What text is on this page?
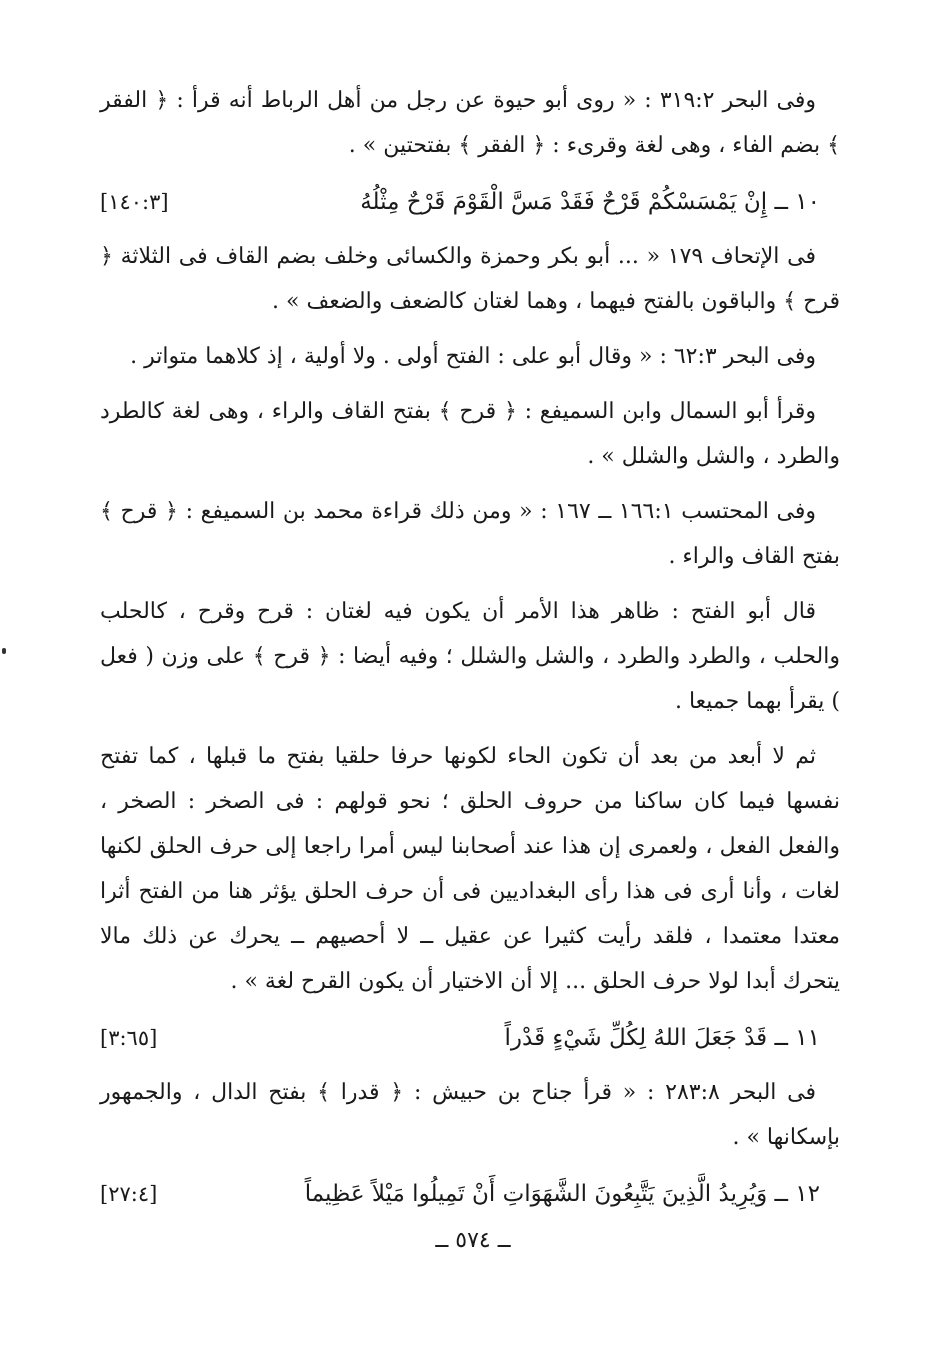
وفى البحر ٣١٩:٢ : « روى أبو حيوة عن رجل من أهل الرباط أنه قرأ : ﴿ الفقر ﴾ بضم الفاء ، وهى لغة وقرىء : ﴿ الفقر ﴾ بفتحتين » .

١٠ ــ إِنْ يَمْسَسْكُمْ قَرْحٌ فَقَدْ مَسَّ الْقَوْمَ قَرْحٌ مِثْلُهُ
[١٤٠:٣]

فى الإتحاف ١٧٩ « ... أبو بكر وحمزة والكسائى وخلف بضم القاف فى الثلاثة ﴿ قرح ﴾ والباقون بالفتح فيهما ، وهما لغتان كالضعف والضعف » .

وفى البحر ٦٢:٣ : « وقال أبو على : الفتح أولى . ولا أولية ، إذ كلاهما متواتر .

وقرأ أبو السمال وابن السميفع : ﴿ قرح ﴾ بفتح القاف والراء ، وهى لغة كالطرد والطرد ، والشل والشلل » .

وفى المحتسب ١٦٦:١ ــ ١٦٧ : « ومن ذلك قراءة محمد بن السميفع : ﴿ قرح ﴾ بفتح القاف والراء .

قال أبو الفتح : ظاهر هذا الأمر أن يكون فيه لغتان : قرح وقرح ، كالحلب والحلب ، والطرد والطرد ، والشل والشلل ؛ وفيه أيضا : ﴿ قرح ﴾ على وزن ( فعل ) يقرأ بهما جميعا .

ثم لا أبعد من بعد أن تكون الحاء لكونها حرفا حلقيا بفتح ما قبلها ، كما تفتح نفسها فيما كان ساكنا من حروف الحلق ؛ نحو قولهم : فى الصخر : الصخر ، والفعل الفعل ، ولعمرى إن هذا عند أصحابنا ليس أمرا راجعا إلى حرف الحلق لكنها لغات ، وأنا أرى فى هذا رأى البغداديين فى أن حرف الحلق يؤثر هنا من الفتح أثرا معتدا معتمدا ، فلقد رأيت كثيرا عن عقيل ــ لا أحصيهم ــ يحرك عن ذلك مالا يتحرك أبدا لولا حرف الحلق ... إلا أن الاختيار أن يكون القرح لغة » .

١١ ــ قَدْ جَعَلَ اللهُ لِكُلِّ شَيْءٍ قَدْراً
[٣:٦٥]

فى البحر ٢٨٣:٨ : « قرأ جناح بن حبيش : ﴿ قدرا ﴾ بفتح الدال ، والجمهور بإسكانها » .

١٢ ــ وَيُرِيدُ الَّذِينَ يَتَّبِعُونَ الشَّهَوَاتِ أَنْ تَمِيلُوا مَيْلاً عَظِيماً
[٢٧:٤]
ــ ٥٧٤ ــ
